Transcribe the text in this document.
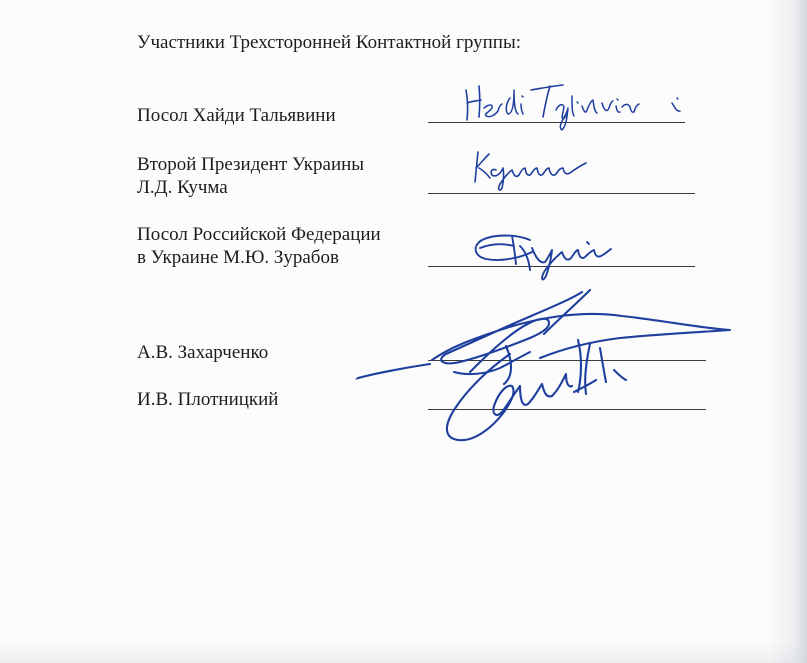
Участники Трехсторонней Контактной группы:
Посол Хайди Тальявини
Второй Президент Украины
Л.Д. Кучма
Посол Российской Федерации
в Украине М.Ю. Зурабов
А.В. Захарченко
И.В. Плотницкий
